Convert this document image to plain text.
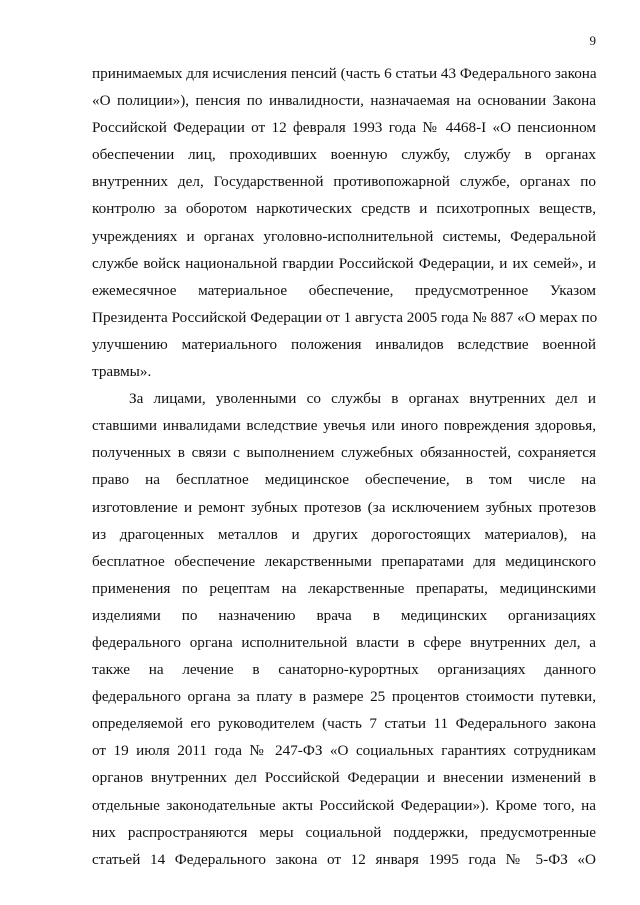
9
принимаемых для исчисления пенсий (часть 6 статьи 43 Федерального закона
«О полиции»), пенсия по инвалидности, назначаемая на основании Закона
Российской Федерации от 12 февраля 1993 года № 4468-I «О пенсионном
обеспечении лиц, проходивших военную службу, службу в органах
внутренних дел, Государственной противопожарной службе, органах по
контролю за оборотом наркотических средств и психотропных веществ,
учреждениях и органах уголовно-исполнительной системы, Федеральной
службе войск национальной гвардии Российской Федерации, и их семей», и
ежемесячное материальное обеспечение, предусмотренное Указом
Президента Российской Федерации от 1 августа 2005 года № 887 «О мерах по
улучшению материального положения инвалидов вследствие военной
травмы».
За лицами, уволенными со службы в органах внутренних дел и
ставшими инвалидами вследствие увечья или иного повреждения здоровья,
полученных в связи с выполнением служебных обязанностей, сохраняется
право на бесплатное медицинское обеспечение, в том числе на
изготовление и ремонт зубных протезов (за исключением зубных протезов
из драгоценных металлов и других дорогостоящих материалов), на
бесплатное обеспечение лекарственными препаратами для медицинского
применения по рецептам на лекарственные препараты, медицинскими
изделиями по назначению врача в медицинских организациях
федерального органа исполнительной власти в сфере внутренних дел, а
также на лечение в санаторно-курортных организациях данного
федерального органа за плату в размере 25 процентов стоимости путевки,
определяемой его руководителем (часть 7 статьи 11 Федерального закона
от 19 июля 2011 года № 247-ФЗ «О социальных гарантиях сотрудникам
органов внутренних дел Российской Федерации и внесении изменений в
отдельные законодательные акты Российской Федерации»). Кроме того, на
них распространяются меры социальной поддержки, предусмотренные
статьей 14 Федерального закона от 12 января 1995 года № 5-ФЗ «О
